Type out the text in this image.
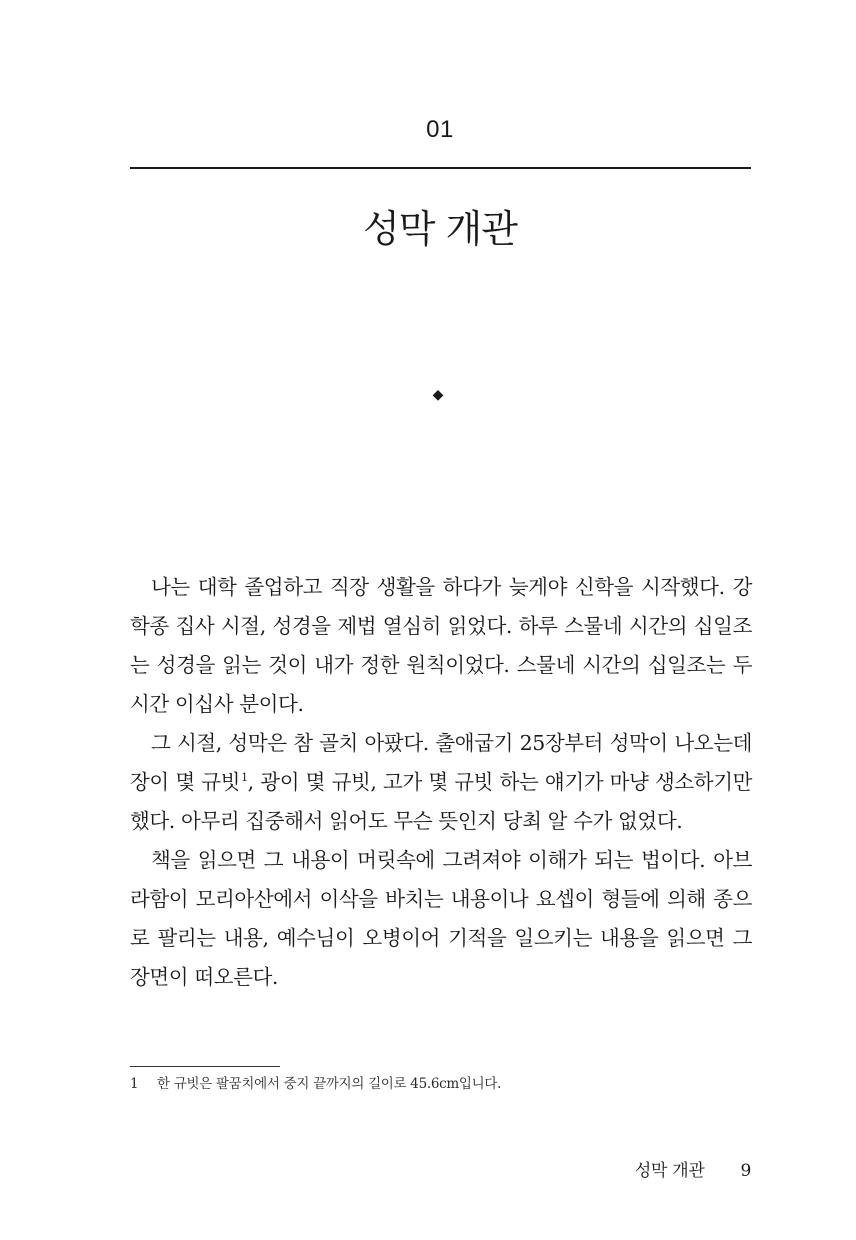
01
성막 개관
◆

나는 대학 졸업하고 직장 생활을 하다가 늦게야 신학을 시작했다. 강학종 집사 시절, 성경을 제법 열심히 읽었다. 하루 스물네 시간의 십일조는 성경을 읽는 것이 내가 정한 원칙이었다. 스물네 시간의 십일조는 두 시간 이십사 분이다.

그 시절, 성막은 참 골치 아팠다. 출애굽기 25장부터 성막이 나오는데 장이 몇 규빗$^1$, 광이 몇 규빗, 고가 몇 규빗 하는 얘기가 마냥 생소하기만 했다. 아무리 집중해서 읽어도 무슨 뜻인지 당최 알 수가 없었다.

책을 읽으면 그 내용이 머릿속에 그려져야 이해가 되는 법이다. 아브라함이 모리아산에서 이삭을 바치는 내용이나 요셉이 형들에 의해 종으로 팔리는 내용, 예수님이 오병이어 기적을 일으키는 내용을 읽으면 그 장면이 떠오른다.

1 한 규빗은 팔꿈치에서 중지 끝까지의 길이로 45.6cm입니다.
성막 개관 9
